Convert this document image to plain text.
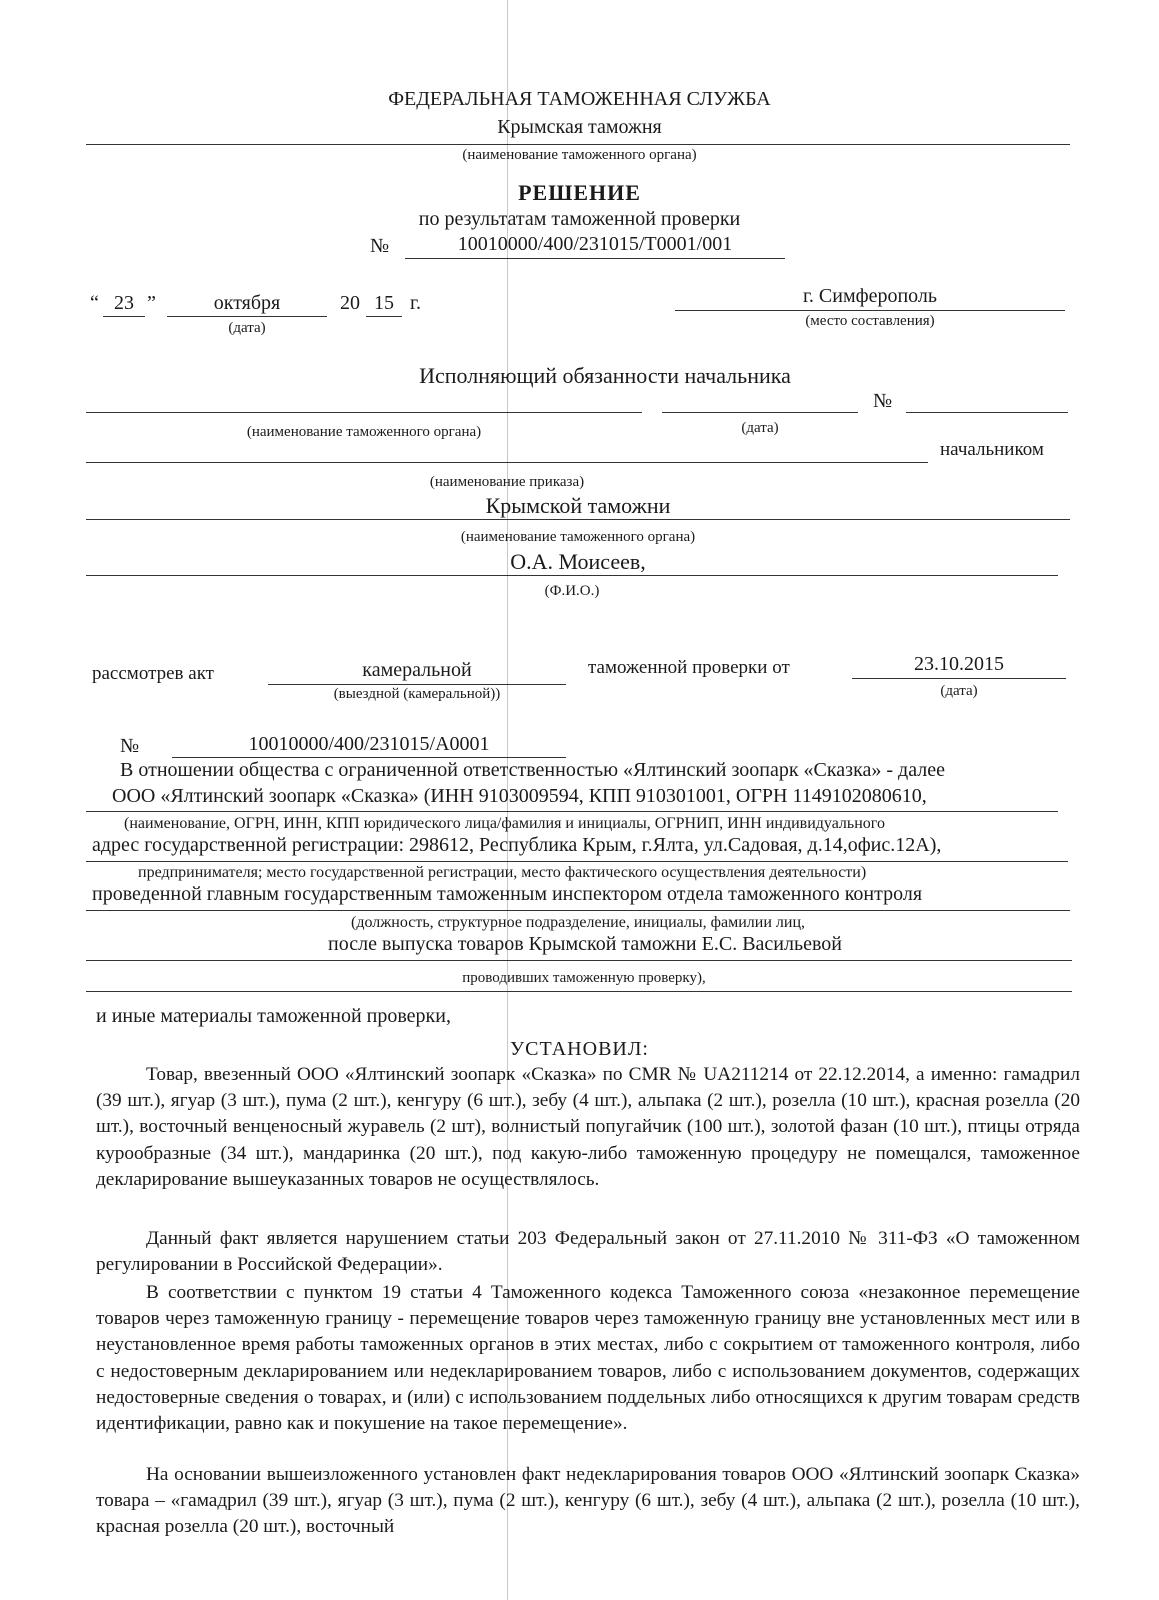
ФЕДЕРАЛЬНАЯ ТАМОЖЕННАЯ СЛУЖБА
Крымская таможня
(наименование таможенного органа)
РЕШЕНИЕ
по результатам таможенной проверки
№	10010000/400/231015/Т0001/001
“ 23 ”	октября	20 15 г.
(дата)
г. Симферополь
(место составления)
Исполняющий обязанности начальника
№
(наименование таможенного органа)	(дата)
начальником
(наименование приказа)
Крымской таможни
(наименование таможенного органа)
О.А. Моисеев,
(Ф.И.О.)
рассмотрев акт	камеральной
(выездной (камеральной))
таможенной проверки от	23.10.2015
(дата)
№	10010000/400/231015/А0001
В отношении общества с ограниченной ответственностью «Ялтинский зоопарк «Сказка» - далее
ООО «Ялтинский зоопарк «Сказка» (ИНН 9103009594, КПП 910301001, ОГРН 1149102080610,
(наименование, ОГРН, ИНН, КПП юридического лица/фамилия и инициалы, ОГРНИП, ИНН индивидуального
адрес государственной регистрации: 298612, Республика Крым, г.Ялта, ул.Садовая, д.14,офис.12А),
предпринимателя; место государственной регистрации, место фактического осуществления деятельности)
проведенной главным государственным таможенным инспектором отдела таможенного контроля
(должность, структурное подразделение, инициалы, фамилии лиц,
после выпуска товаров Крымской таможни Е.С. Васильевой
проводивших таможенную проверку),
и иные материалы таможенной проверки,
УСТАНОВИЛ:
Товар, ввезенный ООО «Ялтинский зоопарк «Сказка» по CMR № UA211214 от 22.12.2014, а именно: гамадрил (39 шт.), ягуар (3 шт.), пума (2 шт.), кенгуру (6 шт.), зебу (4 шт.), альпака (2 шт.), розелла (10 шт.), красная розелла (20 шт.), восточный венценосный журавель (2 шт), волнистый попугайчик (100 шт.), золотой фазан (10 шт.), птицы отряда курообразные (34 шт.), мандаринка (20 шт.), под какую-либо таможенную процедуру не помещался, таможенное декларирование вышеуказанных товаров не осуществлялось.
Данный факт является нарушением статьи 203 Федеральный закон от 27.11.2010 № 311-ФЗ «О таможенном регулировании в Российской Федерации».
В соответствии с пунктом 19 статьи 4 Таможенного кодекса Таможенного союза «незаконное перемещение товаров через таможенную границу - перемещение товаров через таможенную границу вне установленных мест или в неустановленное время работы таможенных органов в этих местах, либо с сокрытием от таможенного контроля, либо с недостоверным декларированием или недекларированием товаров, либо с использованием документов, содержащих недостоверные сведения о товарах, и (или) с использованием поддельных либо относящихся к другим товарам средств идентификации, равно как и покушение на такое перемещение».
На основании вышеизложенного установлен факт недекларирования товаров ООО «Ялтинский зоопарк Сказка» товара – «гамадрил (39 шт.), ягуар (3 шт.), пума (2 шт.), кенгуру (6 шт.), зебу (4 шт.), альпака (2 шт.), розелла (10 шт.), красная розелла (20 шт.), восточный
